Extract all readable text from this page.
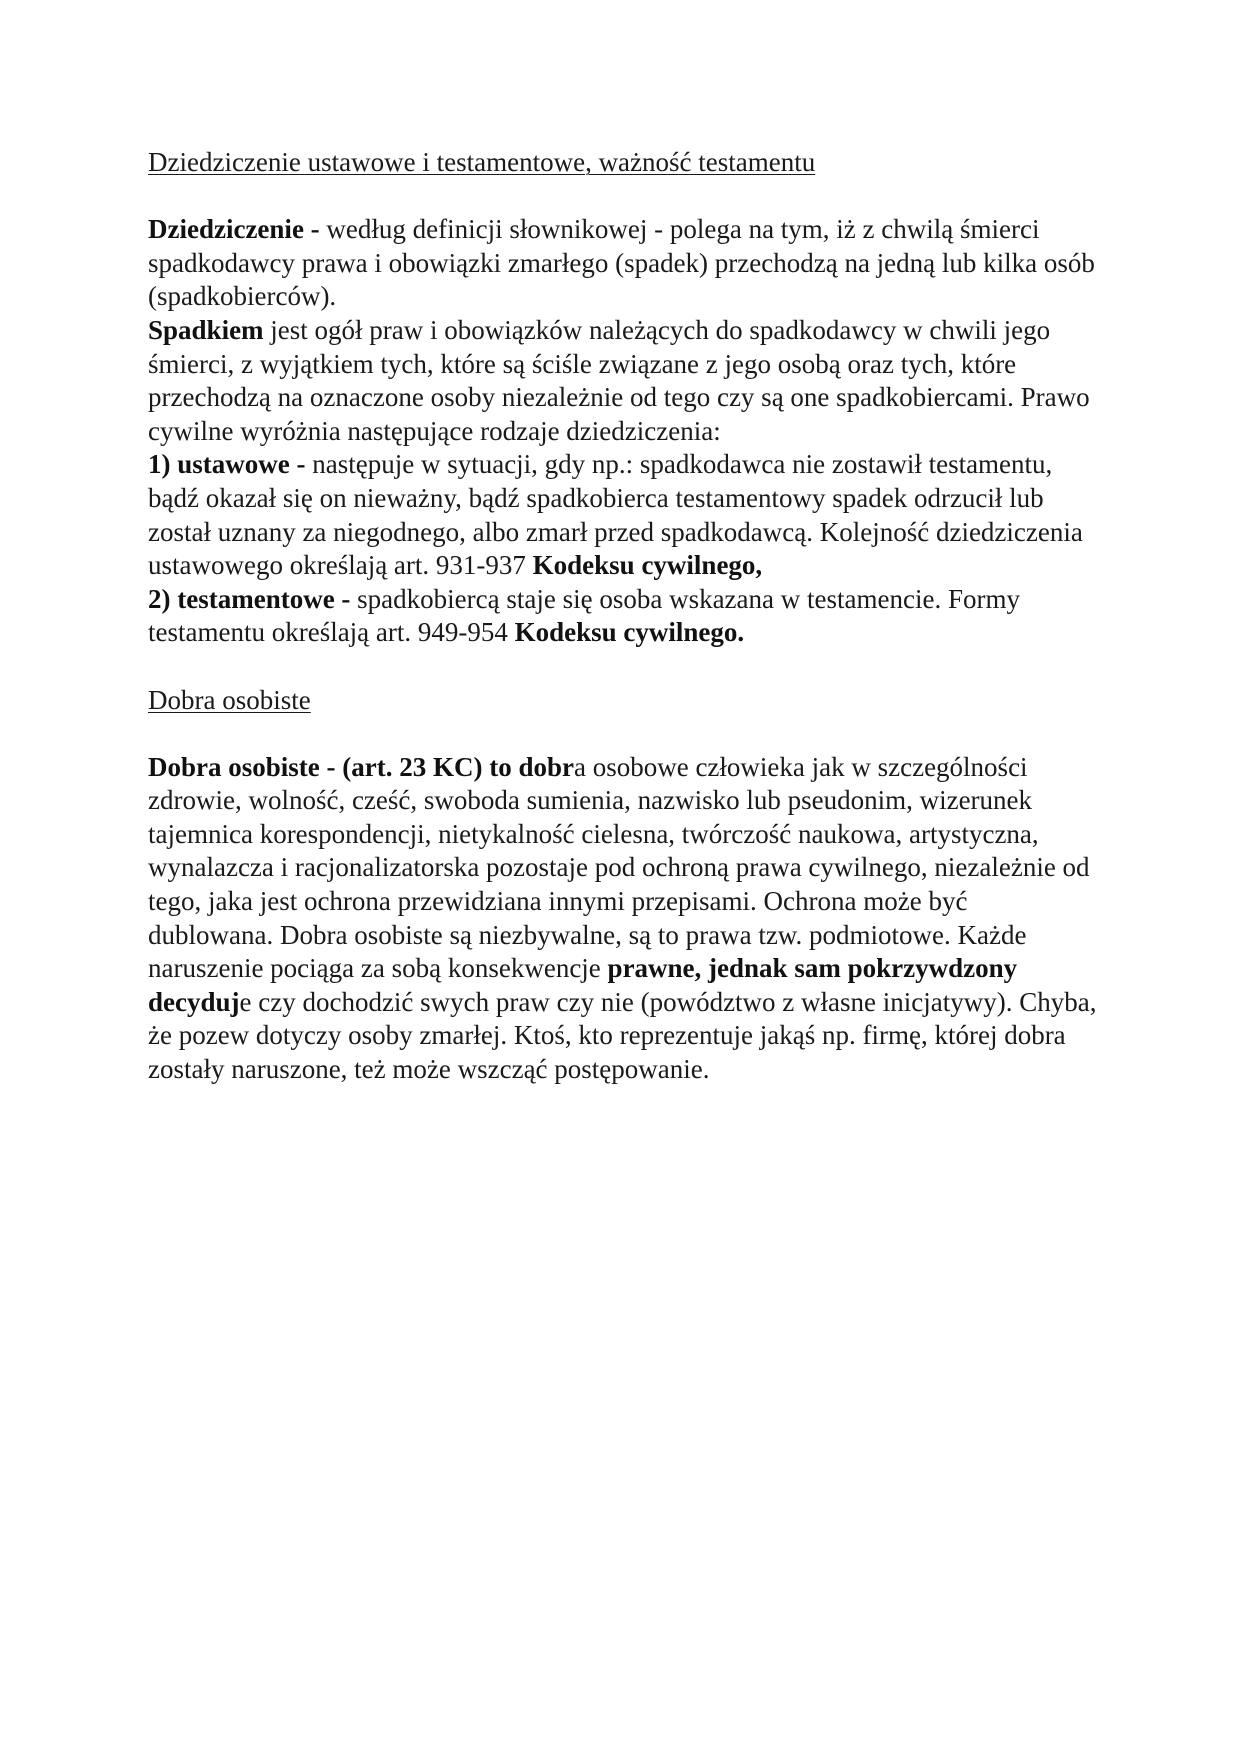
Dziedziczenie ustawowe i testamentowe, ważność testamentu

Dziedziczenie - według definicji słownikowej - polega na tym, iż z chwilą śmierci spadkodawcy prawa i obowiązki zmarłego (spadek) przechodzą na jedną lub kilka osób (spadkobierców).

Spadkiem jest ogół praw i obowiązków należących do spadkodawcy w chwili jego śmierci, z wyjątkiem tych, które są ściśle związane z jego osobą oraz tych, które przechodzą na oznaczone osoby niezależnie od tego czy są one spadkobiercami. Prawo cywilne wyróżnia następujące rodzaje dziedziczenia:

1) ustawowe - następuje w sytuacji, gdy np.: spadkodawca nie zostawił testamentu, bądź okazał się on nieważny, bądź spadkobierca testamentowy spadek odrzucił lub został uznany za niegodnego, albo zmarł przed spadkodawcą. Kolejność dziedziczenia ustawowego określają art. 931-937 Kodeksu cywilnego,

2) testamentowe - spadkobiercą staje się osoba wskazana w testamencie. Formy testamentu określają art. 949-954 Kodeksu cywilnego.

Dobra osobiste

Dobra osobiste - (art. 23 KC) to dobra osobowe człowieka jak w szczególności zdrowie, wolność, cześć, swoboda sumienia, nazwisko lub pseudonim, wizerunek tajemnica korespondencji, nietykalność cielesna, twórczość naukowa, artystyczna, wynalazcza i racjonalizatorska pozostaje pod ochroną prawa cywilnego, niezależnie od tego, jaka jest ochrona przewidziana innymi przepisami. Ochrona może być dublowana. Dobra osobiste są niezbywalne, są to prawa tzw. podmiotowe. Każde naruszenie pociąga za sobą konsekwencje prawne, jednak sam pokrzywdzony decyduje czy dochodzić swych praw czy nie (powództwo z własne inicjatywy). Chyba, że pozew dotyczy osoby zmarłej. Ktoś, kto reprezentuje jakąś np. firmę, której dobra zostały naruszone, też może wszcząć postępowanie.
